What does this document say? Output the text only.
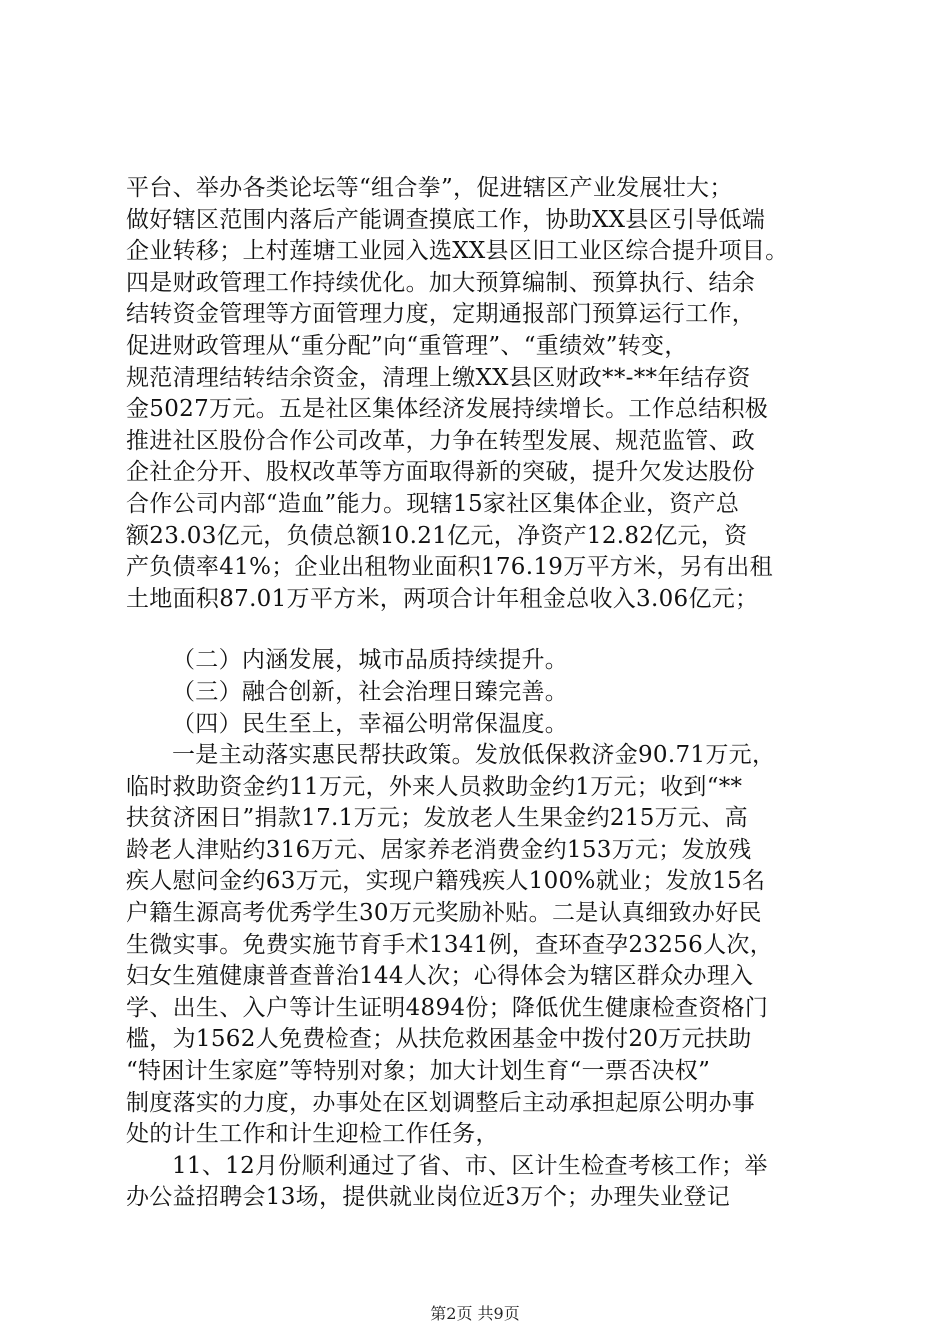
平台、举办各类论坛等“组合拳”，促进辖区产业发展壮大；
做好辖区范围内落后产能调查摸底工作，协助XX县区引导低端
企业转移；上村莲塘工业园入选XX县区旧工业区综合提升项目。
四是财政管理工作持续优化。加大预算编制、预算执行、结余
结转资金管理等方面管理力度，定期通报部门预算运行工作，
促进财政管理从“重分配”向“重管理”、“重绩效”转变，
规范清理结转结余资金，清理上缴XX县区财政**-**年结存资
金5027万元。五是社区集体经济发展持续增长。工作总结积极
推进社区股份合作公司改革，力争在转型发展、规范监管、政
企社企分开、股权改革等方面取得新的突破，提升欠发达股份
合作公司内部“造血”能力。现辖15家社区集体企业，资产总
额23.03亿元，负债总额10.21亿元，净资产12.82亿元，资
产负债率41%；企业出租物业面积176.19万平方米，另有出租
土地面积87.01万平方米，两项合计年租金总收入3.06亿元；
（二）内涵发展，城市品质持续提升。
（三）融合创新，社会治理日臻完善。
（四）民生至上，幸福公明常保温度。
一是主动落实惠民帮扶政策。发放低保救济金90.71万元，
临时救助资金约11万元，外来人员救助金约1万元；收到“**
扶贫济困日”捐款17.1万元；发放老人生果金约215万元、高
龄老人津贴约316万元、居家养老消费金约153万元；发放残
疾人慰问金约63万元，实现户籍残疾人100%就业；发放15名
户籍生源高考优秀学生30万元奖励补贴。二是认真细致办好民
生微实事。免费实施节育手术1341例，查环查孕23256人次，
妇女生殖健康普查普治144人次；心得体会为辖区群众办理入
学、出生、入户等计生证明4894份；降低优生健康检查资格门
槛，为1562人免费检查；从扶危救困基金中拨付20万元扶助
“特困计生家庭”等特别对象；加大计划生育“一票否决权”
制度落实的力度，办事处在区划调整后主动承担起原公明办事
处的计生工作和计生迎检工作任务，
11、12月份顺利通过了省、市、区计生检查考核工作；举
办公益招聘会13场，提供就业岗位近3万个；办理失业登记
第2页 共9页
